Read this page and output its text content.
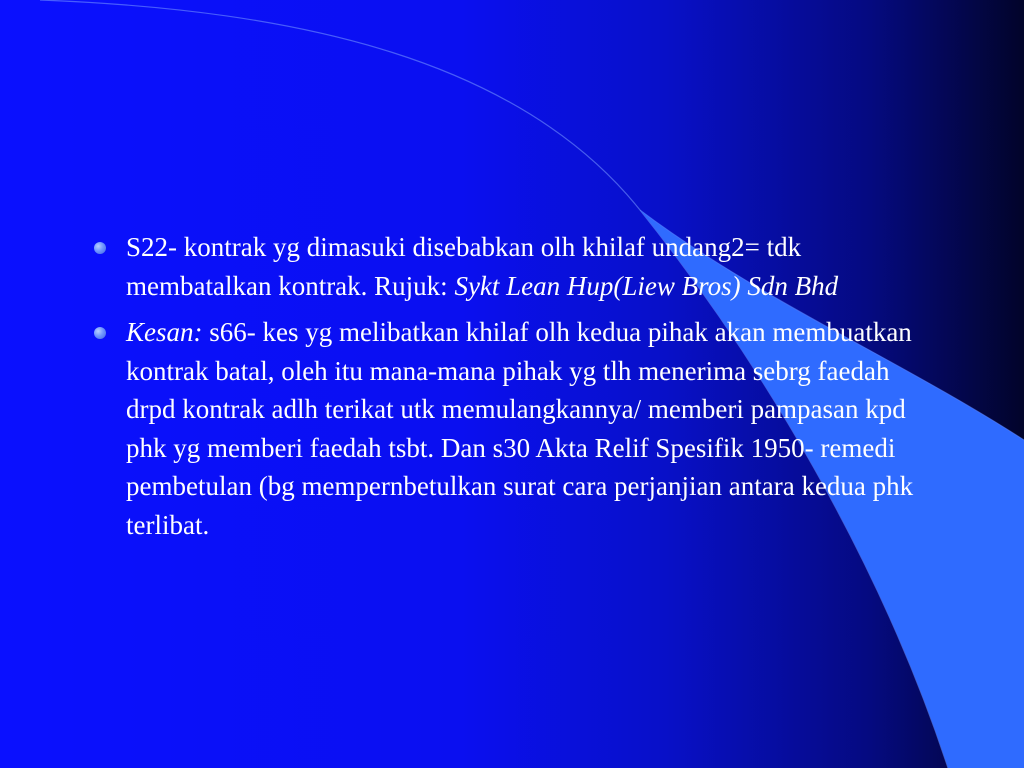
S22- kontrak yg dimasuki disebabkan olh khilaf undang2= tdk membatalkan kontrak. Rujuk: Sykt Lean Hup(Liew Bros) Sdn Bhd
Kesan: s66- kes yg melibatkan khilaf olh kedua pihak akan membuatkan kontrak batal, oleh itu mana-mana pihak yg tlh menerima sebrg faedah drpd kontrak adlh terikat utk memulangkannya/ memberi pampasan kpd phk yg memberi faedah tsbt. Dan s30 Akta Relif Spesifik 1950- remedi pembetulan (bg mempernbetulkan surat cara perjanjian antara kedua phk terlibat.
